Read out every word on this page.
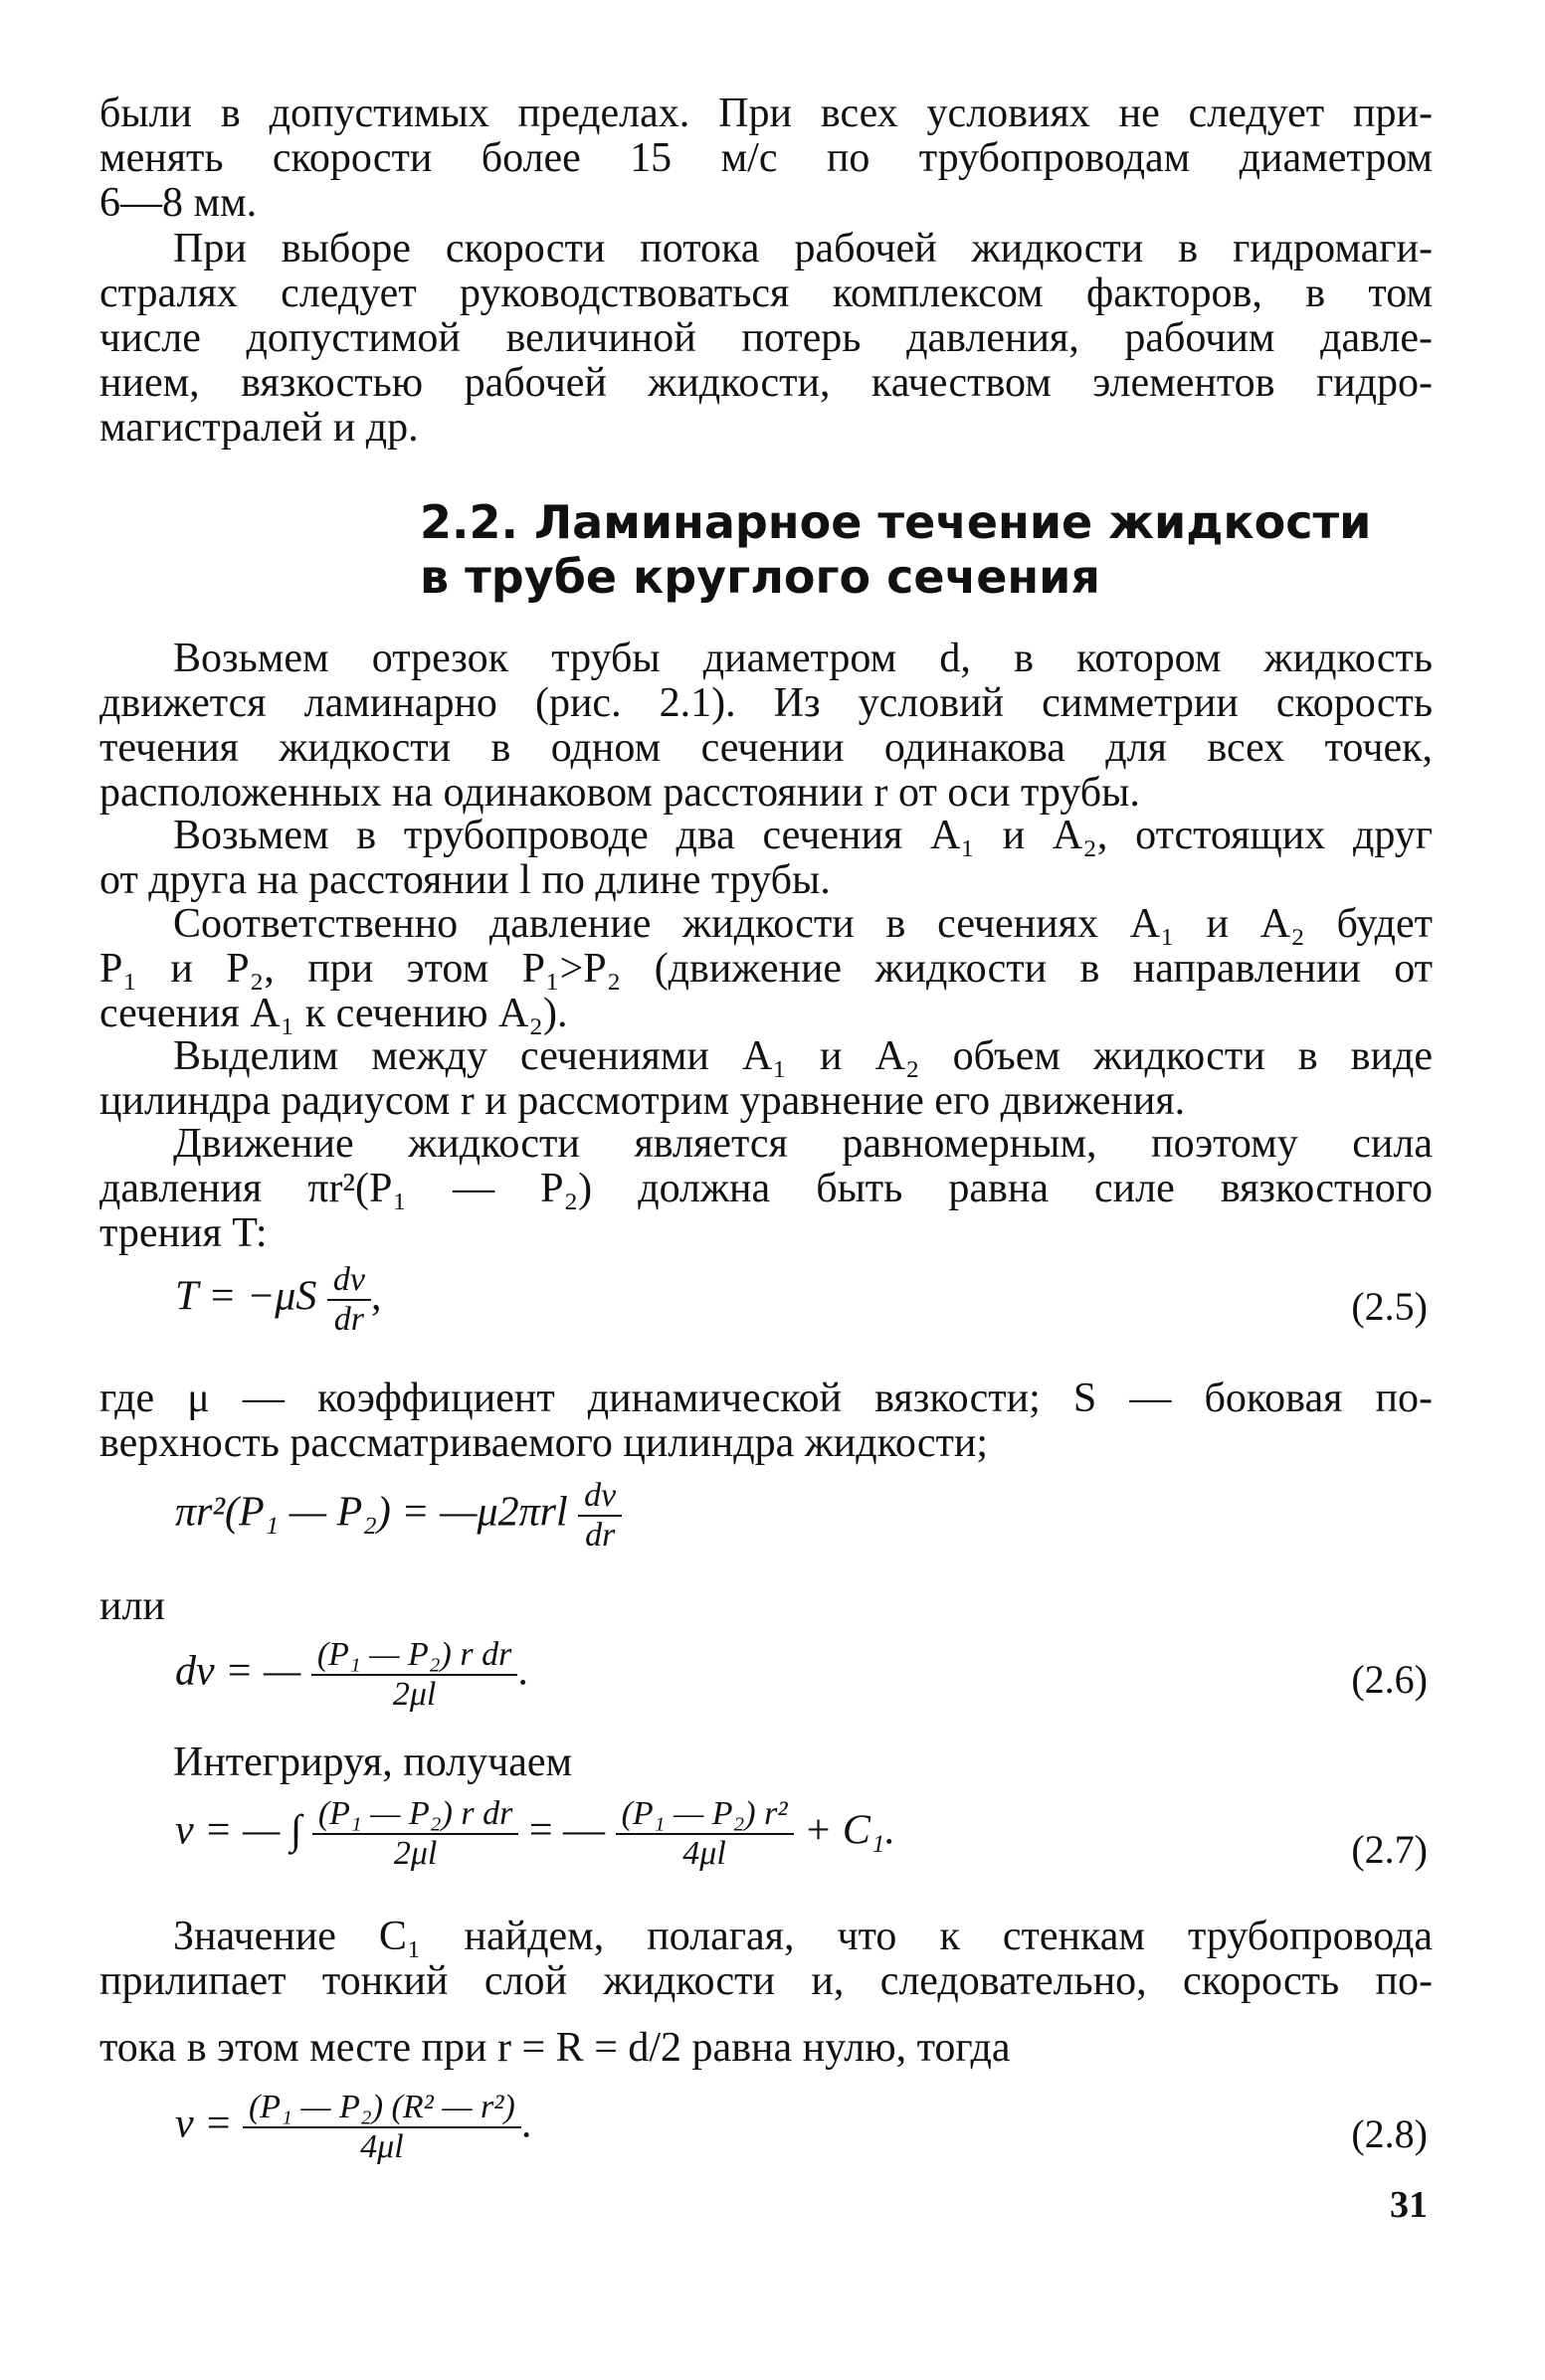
были в допустимых пределах. При всех условиях не следует при-
менять скорости более 15 м/с по трубопроводам диаметром
6—8 мм.
При выборе скорости потока рабочей жидкости в гидромаги-
стралях следует руководствоваться комплексом факторов, в том
числе допустимой величиной потерь давления, рабочим давле-
нием, вязкостью рабочей жидкости, качеством элементов гидро-
магистралей и др.
2.2. Ламинарное течение жидкости
в трубе круглого сечения
Возьмем отрезок трубы диаметром d, в котором жидкость
движется ламинарно (рис. 2.1). Из условий симметрии скорость
течения жидкости в одном сечении одинакова для всех точек,
расположенных на одинаковом расстоянии r от оси трубы.
Возьмем в трубопроводе два сечения A₁ и A₂, отстоящих друг
от друга на расстоянии l по длине трубы.
Соответственно давление жидкости в сечениях A₁ и A₂ будет
P₁ и P₂, при этом P₁>P₂ (движение жидкости в направлении от
сечения A₁ к сечению A₂).
Выделим между сечениями A₁ и A₂ объем жидкости в виде
цилиндра радиусом r и рассмотрим уравнение его движения.
Движение жидкости является равномерным, поэтому сила
давления πr²(P₁ — P₂) должна быть равна силе вязкостного
трения T:
$T = -\mu S \frac{dv}{dr}$ ,	(2.5)
где μ — коэффициент динамической вязкости; S — боковая по-
верхность рассматриваемого цилиндра жидкости;
πr²(P₁ — P₂) = —μ2πrl $\frac{dv}{dr}$
или
dv = — $\frac{\text{(P₁ — P₂) r dr}}{2\mu l}$ .	(2.6)
Интегрируя, получаем
v = — ∫ $\frac{\text{(P₁ — P₂) r dr}}{2\mu l}$ = — $\frac{\text{(P₁ — P₂) r²}}{4\mu l} + C_1$.	(2.7)
Значение C₁ найдем, полагая, что к стенкам трубопровода
прилипает тонкий слой жидкости и, следовательно, скорость по-
тока в этом месте при r = R = d/2 равна нулю, тогда
$v = \frac{\text{(P₁ — P₂) (R² — r²)}}{4\mu l}$ .	(2.8)
31
